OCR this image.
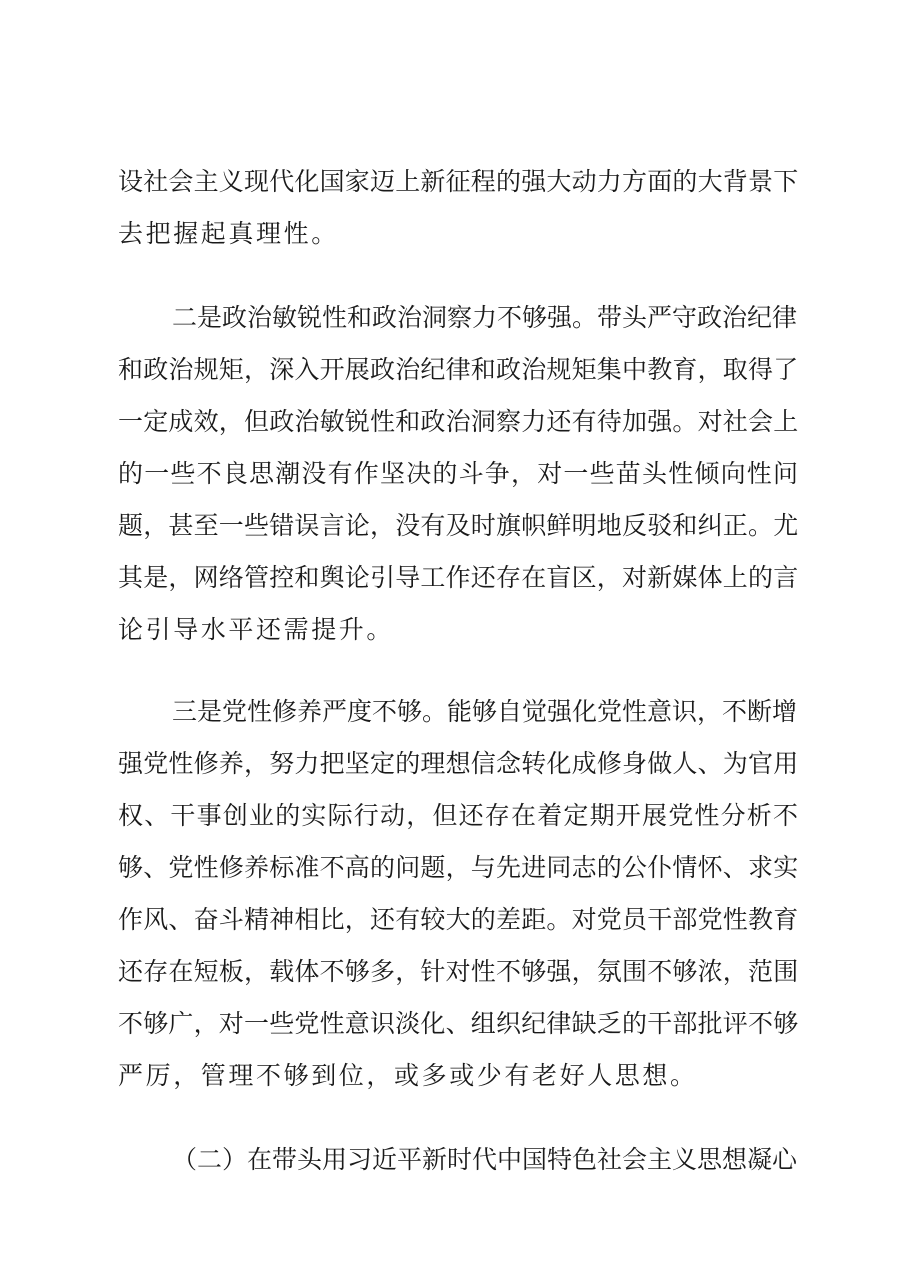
设社会主义现代化国家迈上新征程的强大动力方面的大背景下
去把握起真理性。
二是政治敏锐性和政治洞察力不够强。带头严守政治纪律
和政治规矩，深入开展政治纪律和政治规矩集中教育，取得了
一定成效，但政治敏锐性和政治洞察力还有待加强。对社会上
的一些不良思潮没有作坚决的斗争，对一些苗头性倾向性问
题，甚至一些错误言论，没有及时旗帜鲜明地反驳和纠正。尤
其是，网络管控和舆论引导工作还存在盲区，对新媒体上的言
论引导水平还需提升。
三是党性修养严度不够。能够自觉强化党性意识，不断增
强党性修养，努力把坚定的理想信念转化成修身做人、为官用
权、干事创业的实际行动，但还存在着定期开展党性分析不
够、党性修养标准不高的问题，与先进同志的公仆情怀、求实
作风、奋斗精神相比，还有较大的差距。对党员干部党性教育
还存在短板，载体不够多，针对性不够强，氛围不够浓，范围
不够广，对一些党性意识淡化、组织纪律缺乏的干部批评不够
严厉，管理不够到位，或多或少有老好人思想。
（二）在带头用习近平新时代中国特色社会主义思想凝心
